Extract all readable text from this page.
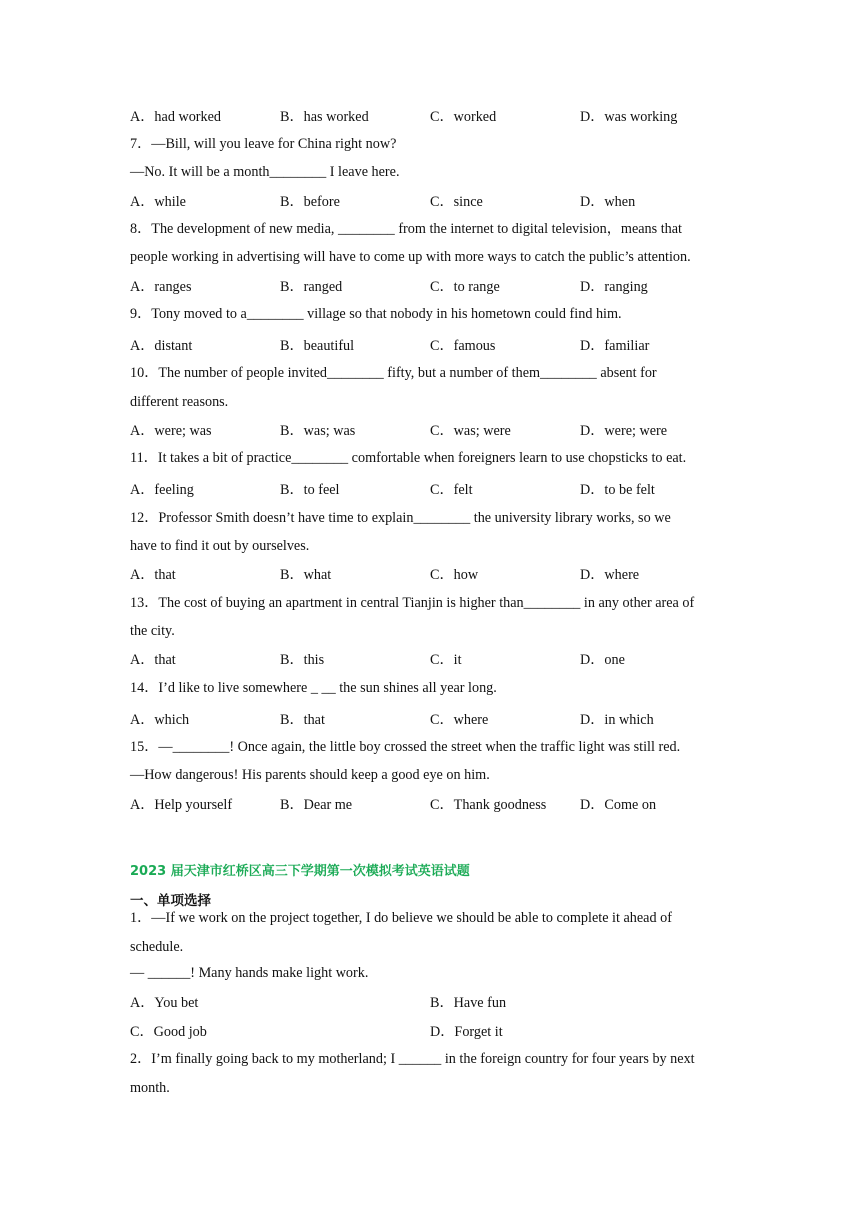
A．had worked	B．has worked	C．worked	D．was working
7．—Bill, will you leave for China right now?
—No. It will be a month________ I leave here.
A．while	B．before	C．since	D．when
8．The development of new media, ________ from the internet to digital television，means that
people working in advertising will have to come up with more ways to catch the public’s attention.
A．ranges	B．ranged	C．to range	D．ranging
9．Tony moved to a________ village so that nobody in his hometown could find him.
A．distant	B．beautiful	C．famous	D．familiar
10．The number of people invited________ fifty, but a number of them________ absent for
different reasons.
A．were; was	B．was; was	C．was; were	D．were; were
11．It takes a bit of practice________ comfortable when foreigners learn to use chopsticks to eat.
A．feeling	B．to feel	C．felt	D．to be felt
12．Professor Smith doesn’t have time to explain________ the university library works, so we
have to find it out by ourselves.
A．that	B．what	C．how	D．where
13．The cost of buying an apartment in central Tianjin is higher than________ in any other area of
the city.
A．that	B．this	C．it	D．one
14．I’d like to live somewhere _ __ the sun shines all year long.
A．which	B．that	C．where	D．in which
15．—________! Once again, the little boy crossed the street when the traffic light was still red.
—How dangerous! His parents should keep a good eye on him.
A．Help yourself	B．Dear me	C．Thank goodness D．Come on
2023 届天津市红桥区高三下学期第一次模拟考试英语试题
一、单项选择
1．—If we work on the project together, I do believe we should be able to complete it ahead of
schedule.
— ______! Many hands make light work.
A．You bet	B．Have fun
C．Good job	D．Forget it
2．I’m finally going back to my motherland; I ______ in the foreign country for four years by next
month.
